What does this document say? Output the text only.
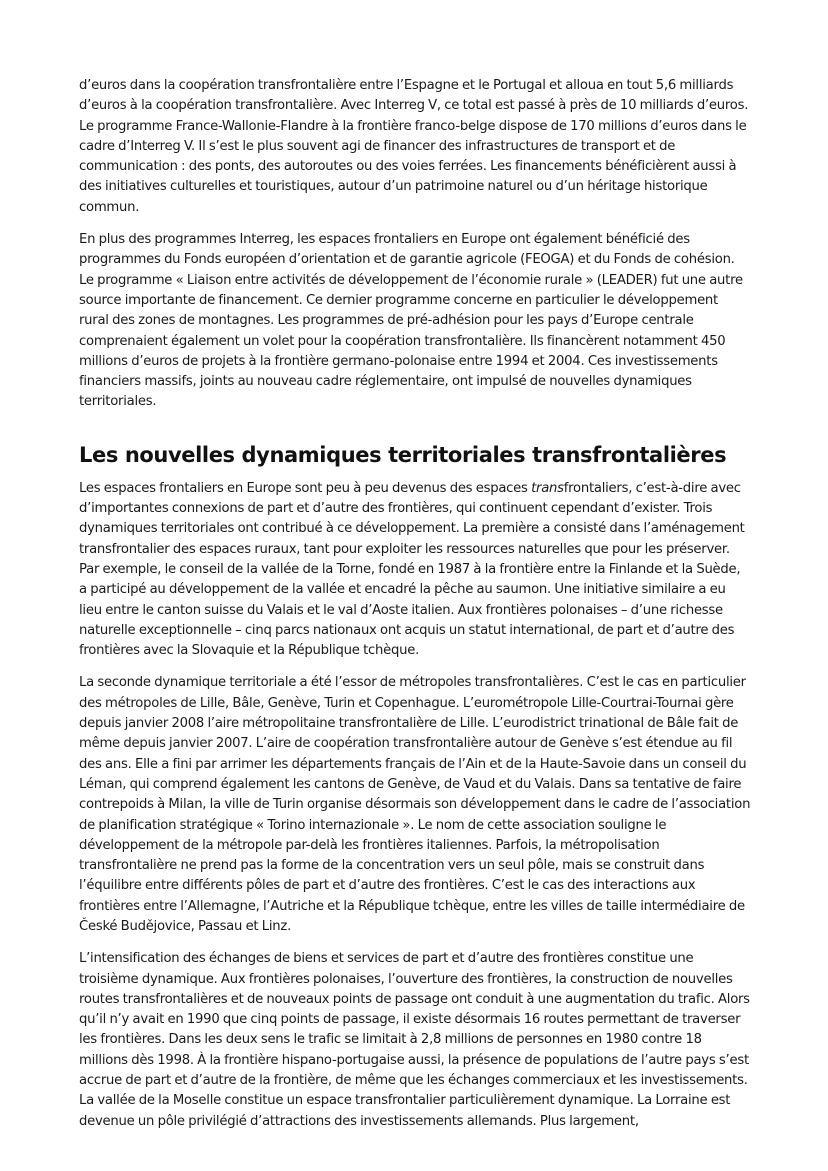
d’euros dans la coopération transfrontalière entre l’Espagne et le Portugal et alloua en tout 5,6 milliards d’euros à la coopération transfrontalière. Avec Interreg V, ce total est passé à près de 10 milliards d’euros. Le programme France-Wallonie-Flandre à la frontière franco-belge dispose de 170 millions d’euros dans le cadre d’Interreg V. Il s’est le plus souvent agi de financer des infrastructures de transport et de communication : des ponts, des autoroutes ou des voies ferrées. Les financements bénéficièrent aussi à des initiatives culturelles et touristiques, autour d’un patrimoine naturel ou d’un héritage historique commun.

En plus des programmes Interreg, les espaces frontaliers en Europe ont également bénéficié des programmes du Fonds européen d’orientation et de garantie agricole (FEOGA) et du Fonds de cohésion. Le programme « Liaison entre activités de développement de l’économie rurale » (LEADER) fut une autre source importante de financement. Ce dernier programme concerne en particulier le développement rural des zones de montagnes. Les programmes de pré-adhésion pour les pays d’Europe centrale comprenaient également un volet pour la coopération transfrontalière. Ils financèrent notamment 450 millions d’euros de projets à la frontière germano-polonaise entre 1994 et 2004. Ces investissements financiers massifs, joints au nouveau cadre réglementaire, ont impulsé de nouvelles dynamiques territoriales.

Les nouvelles dynamiques territoriales transfrontalières

Les espaces frontaliers en Europe sont peu à peu devenus des espaces transfrontaliers, c’est-à-dire avec d’importantes connexions de part et d’autre des frontières, qui continuent cependant d’exister. Trois dynamiques territoriales ont contribué à ce développement. La première a consisté dans l’aménagement transfrontalier des espaces ruraux, tant pour exploiter les ressources naturelles que pour les préserver. Par exemple, le conseil de la vallée de la Torne, fondé en 1987 à la frontière entre la Finlande et la Suède, a participé au développement de la vallée et encadré la pêche au saumon. Une initiative similaire a eu lieu entre le canton suisse du Valais et le val d’Aoste italien. Aux frontières polonaises – d’une richesse naturelle exceptionnelle – cinq parcs nationaux ont acquis un statut international, de part et d’autre des frontières avec la Slovaquie et la République tchèque.

La seconde dynamique territoriale a été l’essor de métropoles transfrontalières. C’est le cas en particulier des métropoles de Lille, Bâle, Genève, Turin et Copenhague. L’eurométropole Lille-Courtrai-Tournai gère depuis janvier 2008 l’aire métropolitaine transfrontalière de Lille. L’eurodistrict trinational de Bâle fait de même depuis janvier 2007. L’aire de coopération transfrontalière autour de Genève s’est étendue au fil des ans. Elle a fini par arrimer les départements français de l’Ain et de la Haute-Savoie dans un conseil du Léman, qui comprend également les cantons de Genève, de Vaud et du Valais. Dans sa tentative de faire contrepoids à Milan, la ville de Turin organise désormais son développement dans le cadre de l’association de planification stratégique « Torino internazionale ». Le nom de cette association souligne le développement de la métropole par-delà les frontières italiennes. Parfois, la métropolisation transfrontalière ne prend pas la forme de la concentration vers un seul pôle, mais se construit dans l’équilibre entre différents pôles de part et d’autre des frontières. C’est le cas des interactions aux frontières entre l’Allemagne, l’Autriche et la République tchèque, entre les villes de taille intermédiaire de České Budějovice, Passau et Linz.

L’intensification des échanges de biens et services de part et d’autre des frontières constitue une troisième dynamique. Aux frontières polonaises, l’ouverture des frontières, la construction de nouvelles routes transfrontalières et de nouveaux points de passage ont conduit à une augmentation du trafic. Alors qu’il n’y avait en 1990 que cinq points de passage, il existe désormais 16 routes permettant de traverser les frontières. Dans les deux sens le trafic se limitait à 2,8 millions de personnes en 1980 contre 18 millions dès 1998. À la frontière hispano-portugaise aussi, la présence de populations de l’autre pays s’est accrue de part et d’autre de la frontière, de même que les échanges commerciaux et les investissements. La vallée de la Moselle constitue un espace transfrontalier particulièrement dynamique. La Lorraine est devenue un pôle privilégié d’attractions des investissements allemands. Plus largement,
